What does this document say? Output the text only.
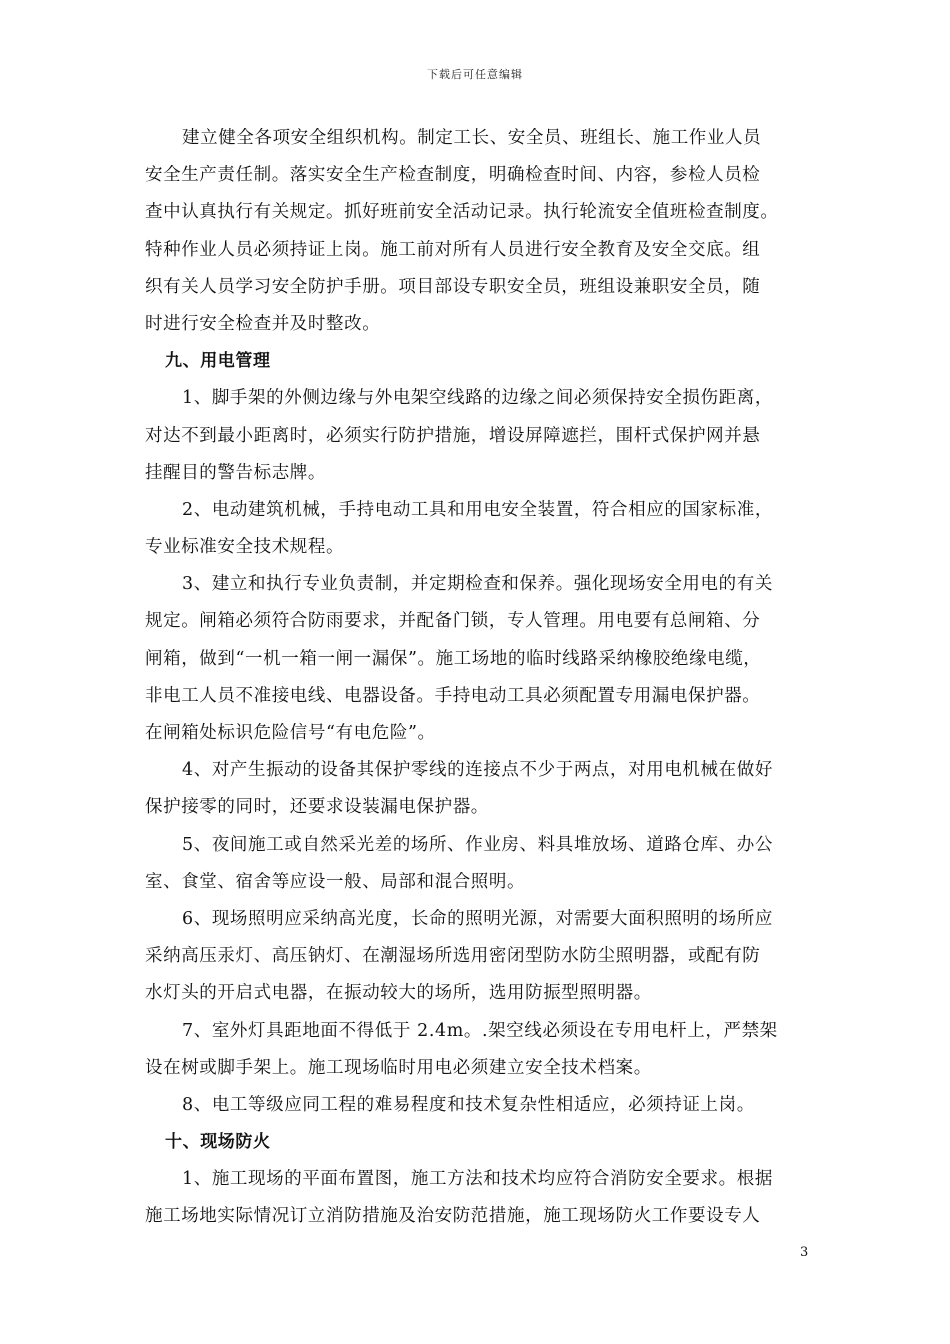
下载后可任意编辑
建立健全各项安全组织机构。制定工长、安全员、班组长、施工作业人员
安全生产责任制。落实安全生产检查制度，明确检查时间、内容，参检人员检
查中认真执行有关规定。抓好班前安全活动记录。执行轮流安全值班检查制度。
特种作业人员必须持证上岗。施工前对所有人员进行安全教育及安全交底。组
织有关人员学习安全防护手册。项目部设专职安全员，班组设兼职安全员，随
时进行安全检查并及时整改。
九、用电管理
1、脚手架的外侧边缘与外电架空线路的边缘之间必须保持安全损伤距离，
对达不到最小距离时，必须实行防护措施，增设屏障遮拦，围杆式保护网并悬
挂醒目的警告标志牌。
2、电动建筑机械，手持电动工具和用电安全装置，符合相应的国家标准，
专业标准安全技术规程。
3、建立和执行专业负责制，并定期检查和保养。强化现场安全用电的有关
规定。闸箱必须符合防雨要求，并配备门锁，专人管理。用电要有总闸箱、分
闸箱，做到“一机一箱一闸一漏保”。施工场地的临时线路采纳橡胶绝缘电缆，
非电工人员不准接电线、电器设备。手持电动工具必须配置专用漏电保护器。
在闸箱处标识危险信号“有电危险”。
4、对产生振动的设备其保护零线的连接点不少于两点，对用电机械在做好
保护接零的同时，还要求设装漏电保护器。
5、夜间施工或自然采光差的场所、作业房、料具堆放场、道路仓库、办公
室、食堂、宿舍等应设一般、局部和混合照明。
6、现场照明应采纳高光度，长命的照明光源，对需要大面积照明的场所应
采纳高压汞灯、高压钠灯、在潮湿场所选用密闭型防水防尘照明器，或配有防
水灯头的开启式电器，在振动较大的场所，选用防振型照明器。
7、室外灯具距地面不得低于 2.4m。.架空线必须设在专用电杆上，严禁架
设在树或脚手架上。施工现场临时用电必须建立安全技术档案。
8、电工等级应同工程的难易程度和技术复杂性相适应，必须持证上岗。
十、现场防火
1、施工现场的平面布置图，施工方法和技术均应符合消防安全要求。根据
施工场地实际情况订立消防措施及治安防范措施，施工现场防火工作要设专人
3
